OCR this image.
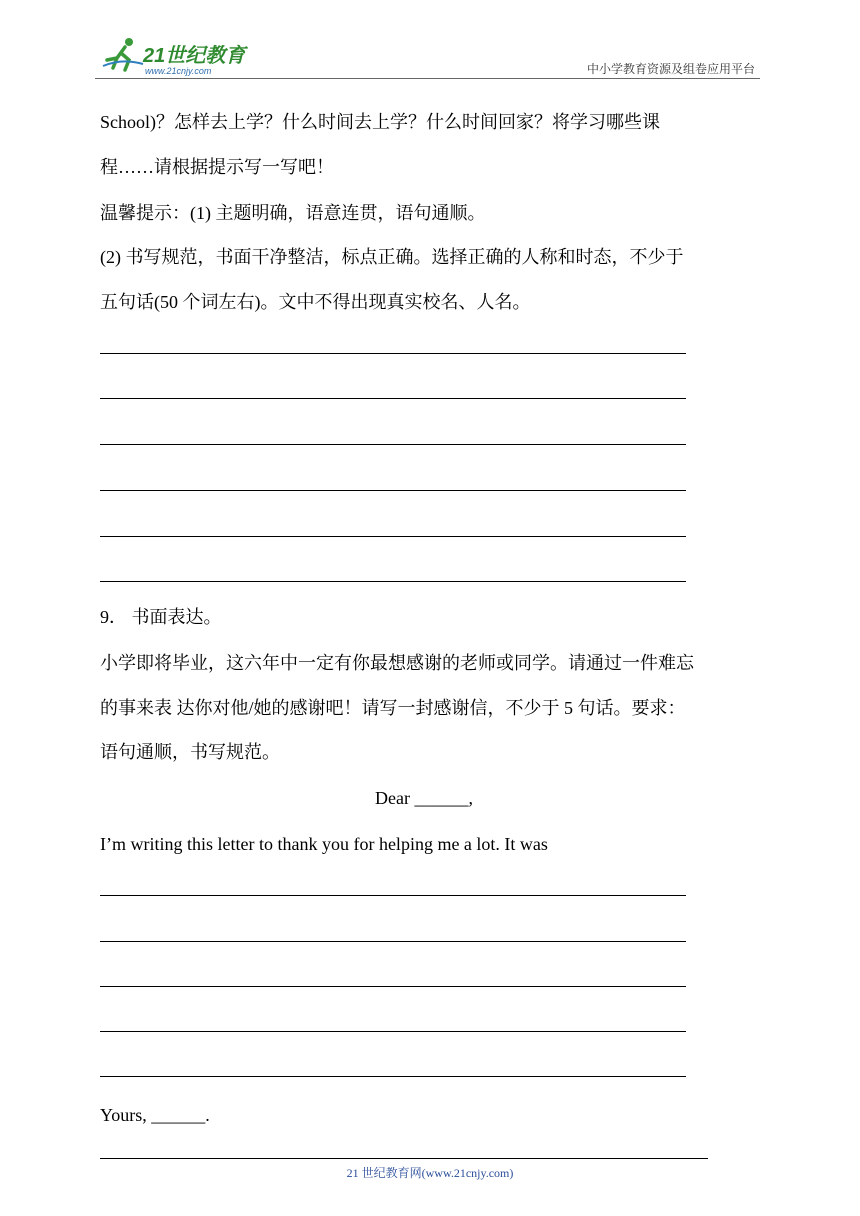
21世纪教育
www.21cnjy.com	中小学教育资源及组卷应用平台
School)？怎样去上学？什么时间去上学？什么时间回家？将学习哪些课
程……请根据提示写一写吧！
温馨提示：(1) 主题明确，语意连贯，语句通顺。
(2) 书写规范，书面干净整洁，标点正确。选择正确的人称和时态，不少于
五句话(50 个词左右)。文中不得出现真实校名、人名。
9． 书面表达。
小学即将毕业，这六年中一定有你最想感谢的老师或同学。请通过一件难忘
的事来表 达你对他/她的感谢吧！请写一封感谢信，不少于 5 句话。要求：
语句通顺，书写规范。
Dear ______,
I’m writing this letter to thank you for helping me a lot. It was
Yours, ______.
21 世纪教育网(www.21cnjy.com)
